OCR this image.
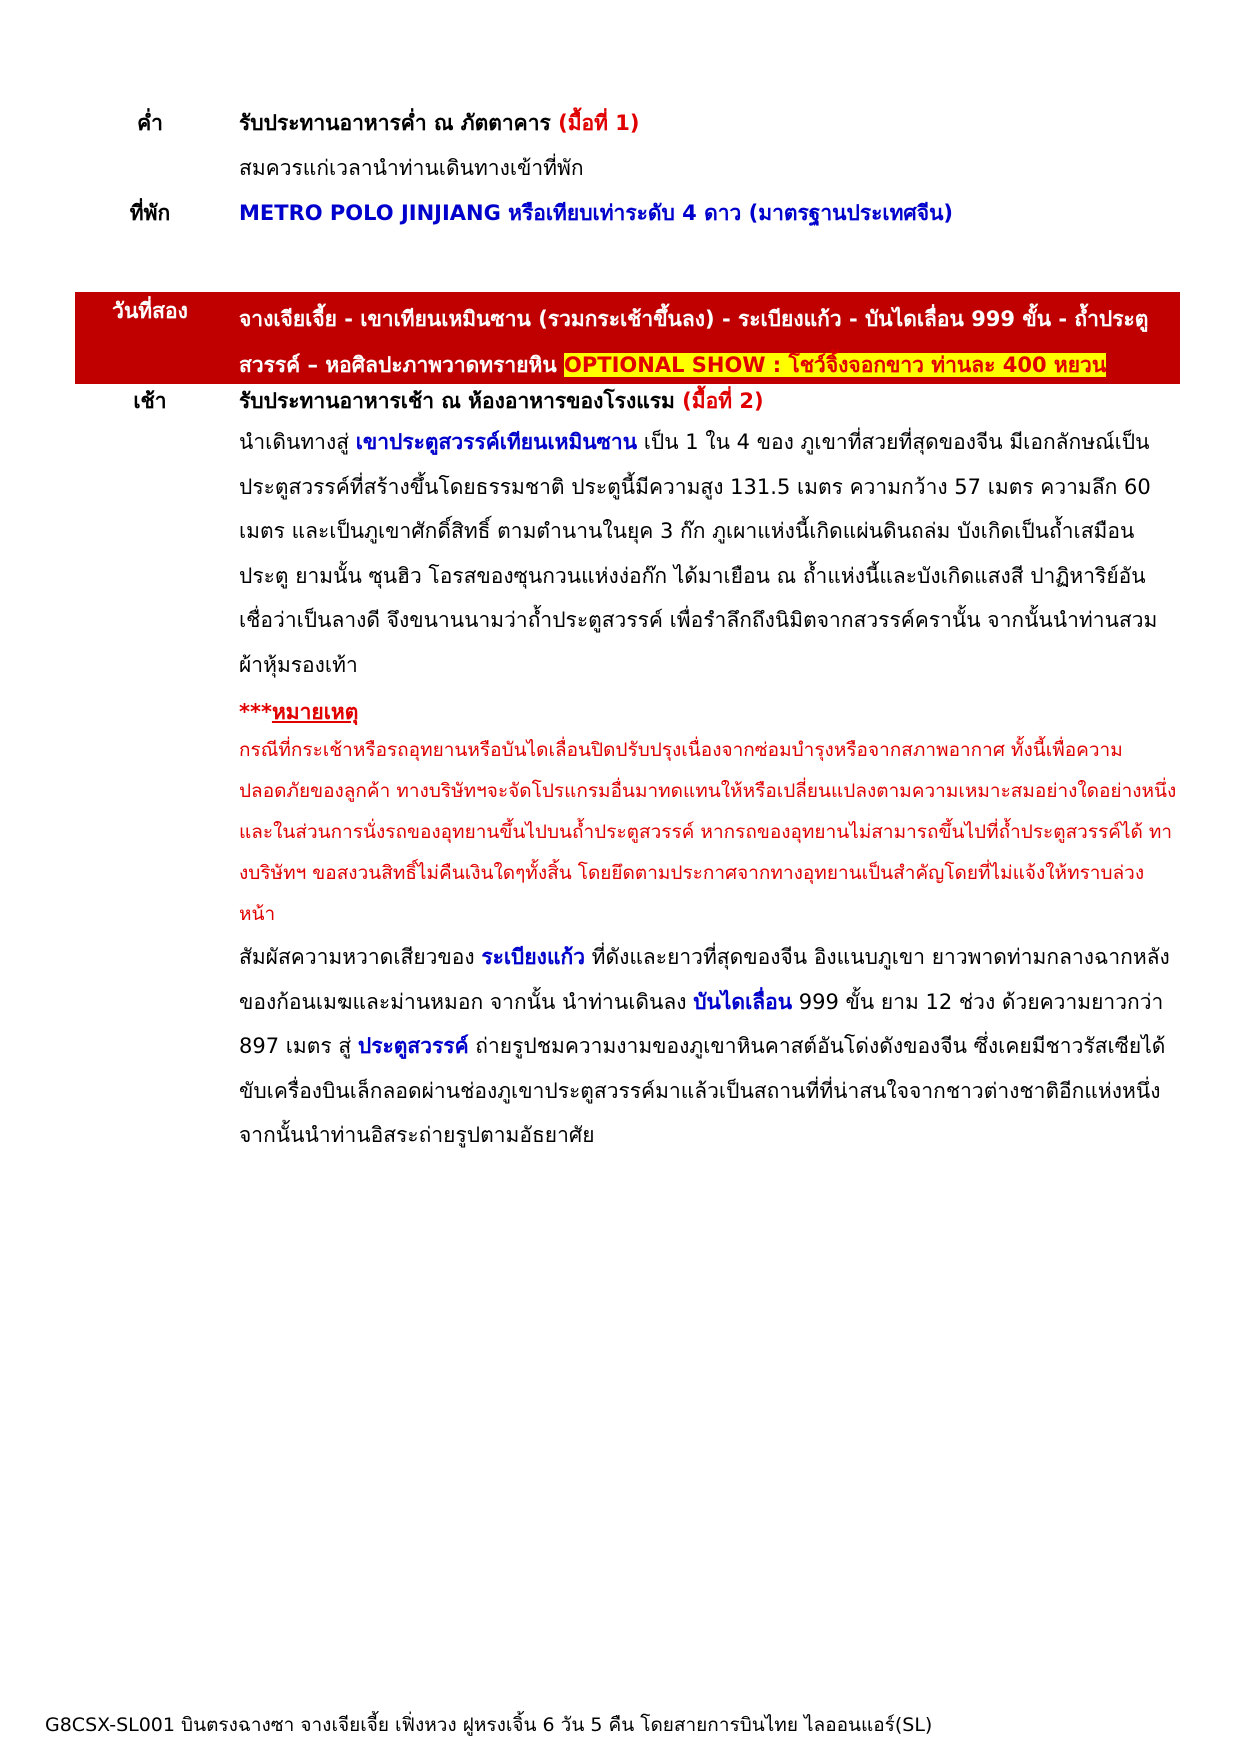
ค่ำ	รับประทานอาหารค่ำ ณ ภัตตาคาร (มื้อที่ 1)
สมควรแก่เวลานำท่านเดินทางเข้าที่พัก
ที่พัก	METRO POLO JINJIANG หรือเทียบเท่าระดับ 4 ดาว (มาตรฐานประเทศจีน)
วันที่สอง	จางเจียเจี้ย - เขาเทียนเหมินซาน (รวมกระเช้าขึ้นลง) - ระเบียงแก้ว - บันไดเลื่อน 999 ขั้น - ถ้ำประตู
สวรรค์ – หอศิลปะภาพวาดทรายหิน OPTIONAL SHOW : โชว์จิ้งจอกขาว ท่านละ 400 หยวน
เช้า	รับประทานอาหารเช้า ณ ห้องอาหารของโรงแรม (มื้อที่ 2)
นำเดินทางสู่ เขาประตูสวรรค์เทียนเหมินซาน เป็น 1 ใน 4 ของ ภูเขาที่สวยที่สุดของจีน มีเอกลักษณ์เป็นประตูสวรรค์ที่สร้างขึ้นโดยธรรมชาติ ประตูนี้มีความสูง 131.5 เมตร ความกว้าง 57 เมตร ความลึก 60 เมตร และเป็นภูเขาศักดิ์สิทธิ์ ตามตำนานในยุค 3 ก๊ก ภูเผาแห่งนี้เกิดแผ่นดินถล่ม บังเกิดเป็นถ้ำเสมือนประตู ยามนั้น ซุนฮิว โอรสของซุนกวนแห่งง่อก๊ก ได้มาเยือน ณ ถ้ำแห่งนี้และบังเกิดแสงสี ปาฏิหาริย์อันเชื่อว่าเป็นลางดี จึงขนานนามว่าถ้ำประตูสวรรค์ เพื่อรำลึกถึงนิมิตจากสวรรค์ครานั้น จากนั้นนำท่านสวมผ้าหุ้มรองเท้า
***หมายเหตุ
กรณีที่กระเช้าหรือรถอุทยานหรือบันไดเลื่อนปิดปรับปรุงเนื่องจากซ่อมบำรุงหรือจากสภาพอากาศ ทั้งนี้เพื่อความปลอดภัยของลูกค้า ทางบริษัทฯจะจัดโปรแกรมอื่นมาทดแทนให้หรือเปลี่ยนแปลงตามความเหมาะสมอย่างใดอย่างหนึ่ง และในส่วนการนั่งรถของอุทยานขึ้นไปบนถ้ำประตูสวรรค์ หากรถของอุทยานไม่สามารถขึ้นไปที่ถ้ำประตูสวรรค์ได้ ทางบริษัทฯ ขอสงวนสิทธิ์ไม่คืนเงินใดๆทั้งสิ้น โดยยึดตามประกาศจากทางอุทยานเป็นสำคัญโดยที่ไม่แจ้งให้ทราบล่วงหน้า
สัมผัสความหวาดเสียวของ ระเบียงแก้ว ที่ดังและยาวที่สุดของจีน อิงแนบภูเขา ยาวพาดท่ามกลางฉากหลังของก้อนเมฆและม่านหมอก จากนั้น นำท่านเดินลง บันไดเลื่อน 999 ขั้น ยาม 12 ช่วง ด้วยความยาวกว่า 897 เมตร สู่ ประตูสวรรค์ ถ่ายรูปชมความงามของภูเขาหินคาสต์อันโด่งดังของจีน ซึ่งเคยมีชาวรัสเซียได้ขับเครื่องบินเล็กลอดผ่านช่องภูเขาประตูสวรรค์มาแล้วเป็นสถานที่ที่น่าสนใจจากชาวต่างชาติอีกแห่งหนึ่ง จากนั้นนำท่านอิสระถ่ายรูปตามอัธยาศัย
G8CSX-SL001 บินตรงฉางซา จางเจียเจี้ย เฟิ่งหวง ฝูหรงเจิ้น 6 วัน 5 คืน โดยสายการบินไทย ไลออนแอร์(SL)
